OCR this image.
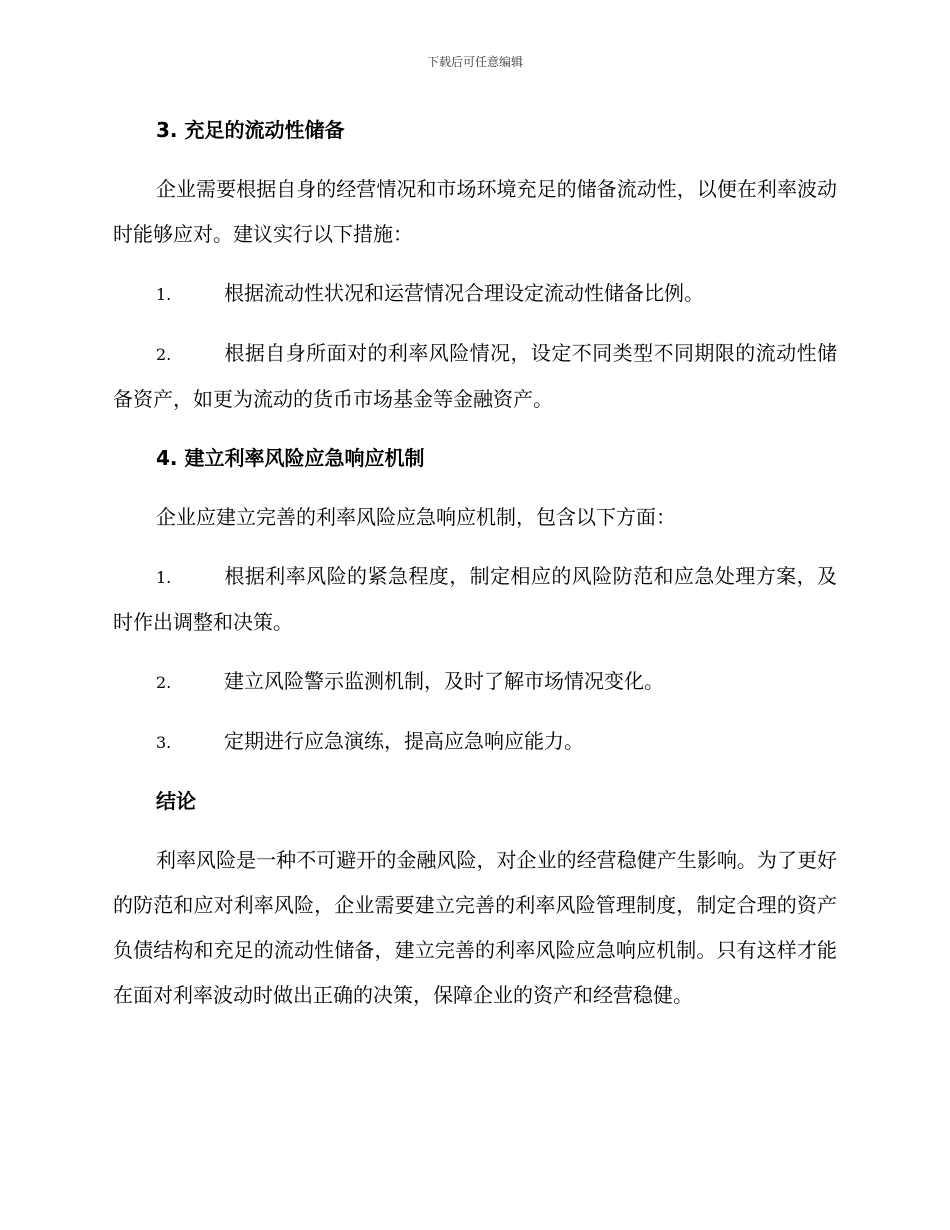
下载后可任意编辑
3. 充足的流动性储备

企业需要根据自身的经营情况和市场环境充足的储备流动性，以便在利率波动时能够应对。建议实行以下措施：

1.	根据流动性状况和运营情况合理设定流动性储备比例。

2.	根据自身所面对的利率风险情况，设定不同类型不同期限的流动性储备资产，如更为流动的货币市场基金等金融资产。

4. 建立利率风险应急响应机制

企业应建立完善的利率风险应急响应机制，包含以下方面：

1.	根据利率风险的紧急程度，制定相应的风险防范和应急处理方案，及时作出调整和决策。

2.	建立风险警示监测机制，及时了解市场情况变化。

3.	定期进行应急演练，提高应急响应能力。

结论

利率风险是一种不可避开的金融风险，对企业的经营稳健产生影响。为了更好的防范和应对利率风险，企业需要建立完善的利率风险管理制度，制定合理的资产负债结构和充足的流动性储备，建立完善的利率风险应急响应机制。只有这样才能在面对利率波动时做出正确的决策，保障企业的资产和经营稳健。
